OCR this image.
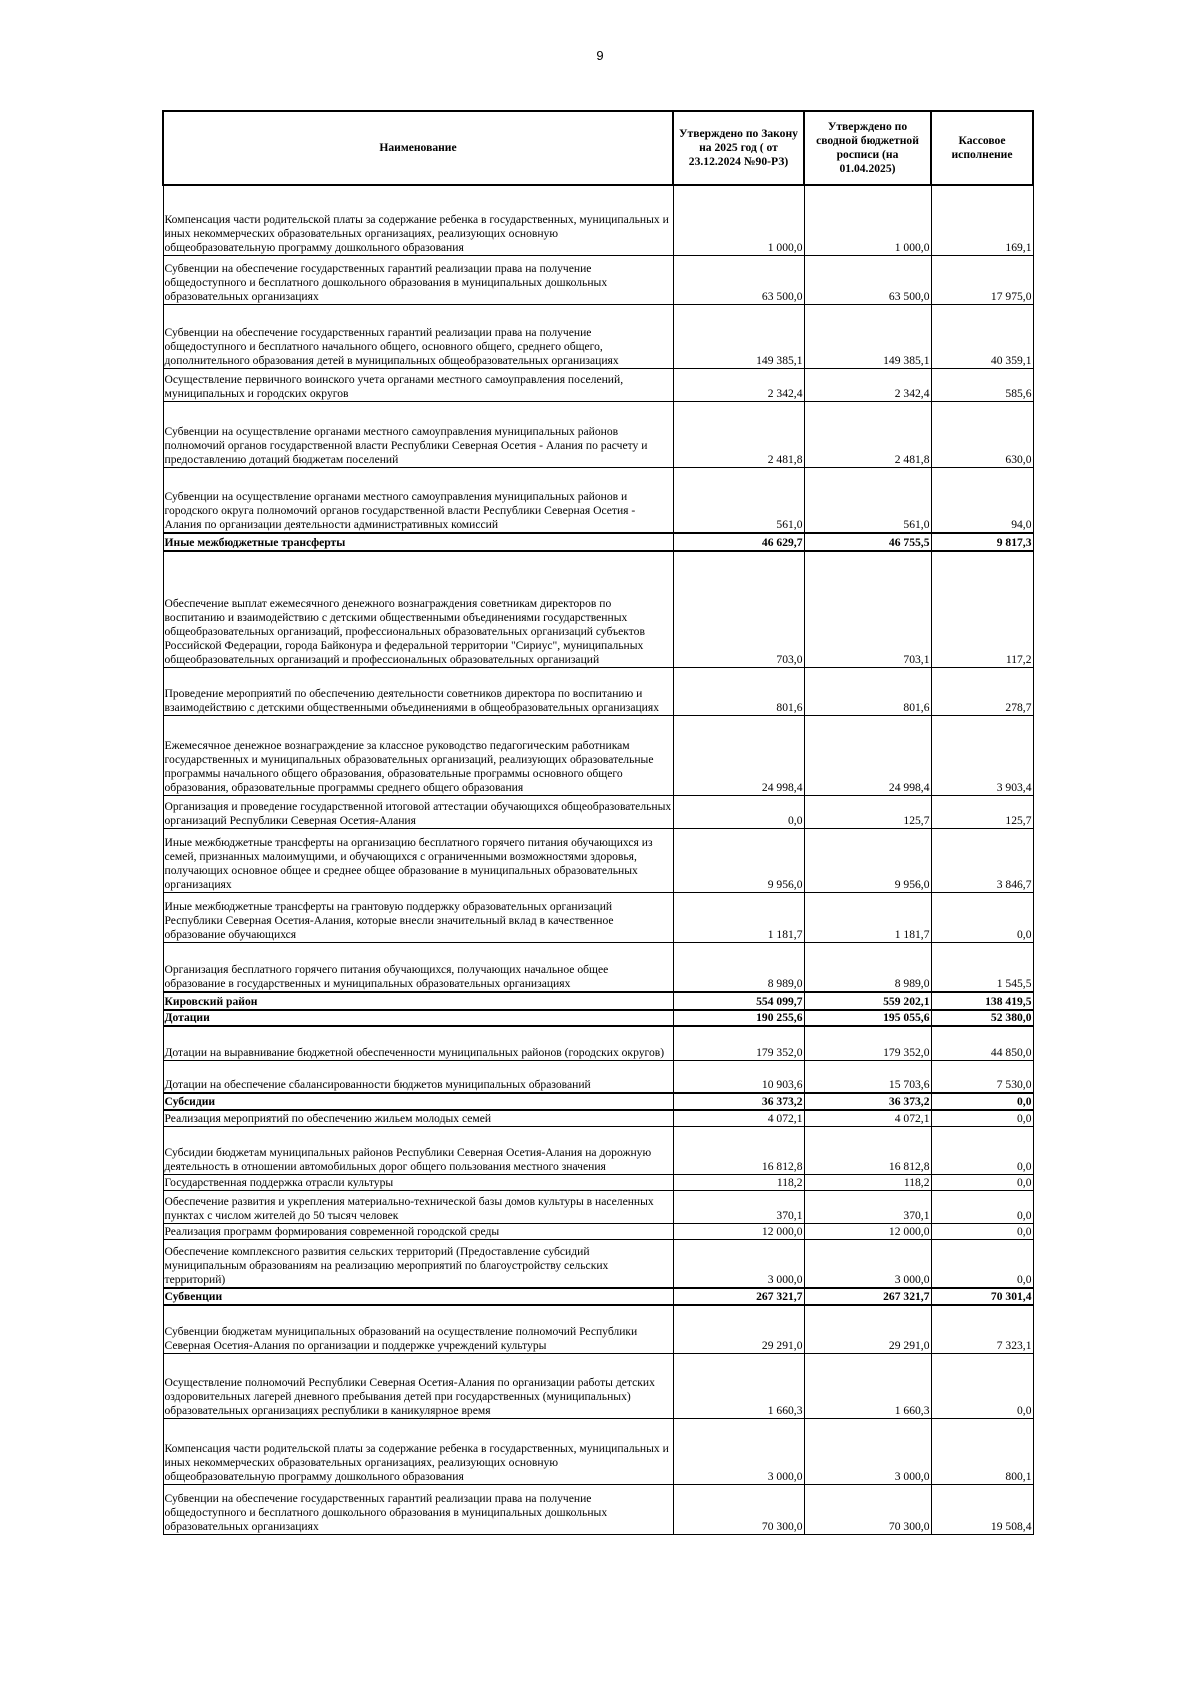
9
Наименование	Утверждено по Закону на 2025 год ( от 23.12.2024 №90-РЗ)	Утверждено по сводной бюджетной росписи (на 01.04.2025)	Кассовое исполнение
Компенсация части родительской платы за содержание ребенка в государственных, муниципальных и иных некоммерческих образовательных организациях, реализующих основную общеобразовательную программу дошкольного образования	1 000,0	1 000,0	169,1
Субвенции на обеспечение государственных гарантий реализации права на получение общедоступного и бесплатного дошкольного образования в муниципальных дошкольных образовательных организациях	63 500,0	63 500,0	17 975,0
Субвенции на обеспечение государственных гарантий реализации права на получение общедоступного и бесплатного начального общего, основного общего, среднего общего, дополнительного образования детей в муниципальных общеобразовательных организациях	149 385,1	149 385,1	40 359,1
Осуществление первичного воинского учета органами местного самоуправления поселений, муниципальных и городских округов	2 342,4	2 342,4	585,6
Субвенции на осуществление органами местного самоуправления муниципальных районов полномочий органов государственной власти Республики Северная Осетия - Алания по расчету и предоставлению дотаций бюджетам поселений	2 481,8	2 481,8	630,0
Субвенции на осуществление органами местного самоуправления муниципальных районов и городского округа полномочий органов государственной власти Республики Северная Осетия - Алания по организации деятельности административных комиссий	561,0	561,0	94,0
Иные межбюджетные трансферты	46 629,7	46 755,5	9 817,3
Обеспечение выплат ежемесячного денежного вознаграждения советникам директоров по воспитанию и взаимодействию с детскими общественными объединениями государственных общеобразовательных организаций, профессиональных образовательных организаций субъектов Российской Федерации, города Байконура и федеральной территории "Сириус", муниципальных общеобразовательных организаций и профессиональных образовательных организаций	703,0	703,1	117,2
Проведение мероприятий по обеспечению деятельности советников директора по воспитанию и взаимодействию с детскими общественными объединениями в общеобразовательных организациях	801,6	801,6	278,7
Ежемесячное денежное вознаграждение за классное руководство педагогическим работникам государственных и муниципальных образовательных организаций, реализующих образовательные программы начального общего образования, образовательные программы основного общего образования, образовательные программы среднего общего образования	24 998,4	24 998,4	3 903,4
Организация и проведение государственной итоговой аттестации обучающихся общеобразовательных организаций Республики Северная Осетия-Алания	0,0	125,7	125,7
Иные межбюджетные трансферты на организацию бесплатного горячего питания обучающихся из семей, признанных малоимущими, и обучающихся с ограниченными возможностями здоровья, получающих основное общее и среднее общее образование в муниципальных образовательных организациях	9 956,0	9 956,0	3 846,7
Иные межбюджетные трансферты на грантовую поддержку образовательных организаций Республики Северная Осетия-Алания, которые внесли значительный вклад в качественное образование обучающихся	1 181,7	1 181,7	0,0
Организация бесплатного горячего питания обучающихся, получающих начальное общее образование в государственных и муниципальных образовательных организациях	8 989,0	8 989,0	1 545,5
Кировский район	554 099,7	559 202,1	138 419,5
Дотации	190 255,6	195 055,6	52 380,0
Дотации на выравнивание бюджетной обеспеченности муниципальных районов (городских округов)	179 352,0	179 352,0	44 850,0
Дотации на обеспечение сбалансированности бюджетов муниципальных образований	10 903,6	15 703,6	7 530,0
Субсидии	36 373,2	36 373,2	0,0
Реализация мероприятий по обеспечению жильем молодых семей	4 072,1	4 072,1	0,0
Субсидии бюджетам муниципальных районов Республики Северная Осетия-Алания на дорожную деятельность в отношении автомобильных дорог общего пользования местного значения	16 812,8	16 812,8	0,0
Государственная поддержка отрасли культуры	118,2	118,2	0,0
Обеспечение развития и укрепления материально-технической базы домов культуры в населенных пунктах с числом жителей до 50 тысяч человек	370,1	370,1	0,0
Реализация программ формирования современной городской среды	12 000,0	12 000,0	0,0
Обеспечение комплексного развития сельских территорий (Предоставление субсидий муниципальным образованиям на реализацию мероприятий по благоустройству сельских территорий)	3 000,0	3 000,0	0,0
Субвенции	267 321,7	267 321,7	70 301,4
Субвенции бюджетам муниципальных образований на осуществление полномочий Республики Северная Осетия-Алания по организации и поддержке учреждений культуры	29 291,0	29 291,0	7 323,1
Осуществление полномочий Республики Северная Осетия-Алания по организации работы детских оздоровительных лагерей дневного пребывания детей при государственных (муниципальных) образовательных организациях республики в каникулярное время	1 660,3	1 660,3	0,0
Компенсация части родительской платы за содержание ребенка в государственных, муниципальных и иных некоммерческих образовательных организациях, реализующих основную общеобразовательную программу дошкольного образования	3 000,0	3 000,0	800,1
Субвенции на обеспечение государственных гарантий реализации права на получение общедоступного и бесплатного дошкольного образования в муниципальных дошкольных образовательных организациях	70 300,0	70 300,0	19 508,4
